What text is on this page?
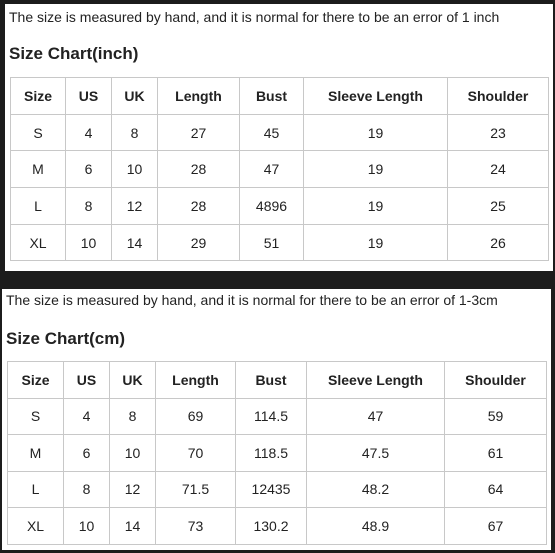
The size is measured by hand, and it is normal for there to be an error of 1 inch
Size Chart(inch)
Size	US	UK	Length	Bust	Sleeve Length	Shoulder
S	4	8	27	45	19	23
M	6	10	28	47	19	24
L	8	12	28	4896	19	25
XL	10	14	29	51	19	26
The size is measured by hand, and it is normal for there to be an error of 1-3cm
Size Chart(cm)
Size	US	UK	Length	Bust	Sleeve Length	Shoulder
S	4	8	69	114.5	47	59
M	6	10	70	118.5	47.5	61
L	8	12	71.5	12435	48.2	64
XL	10	14	73	130.2	48.9	67
